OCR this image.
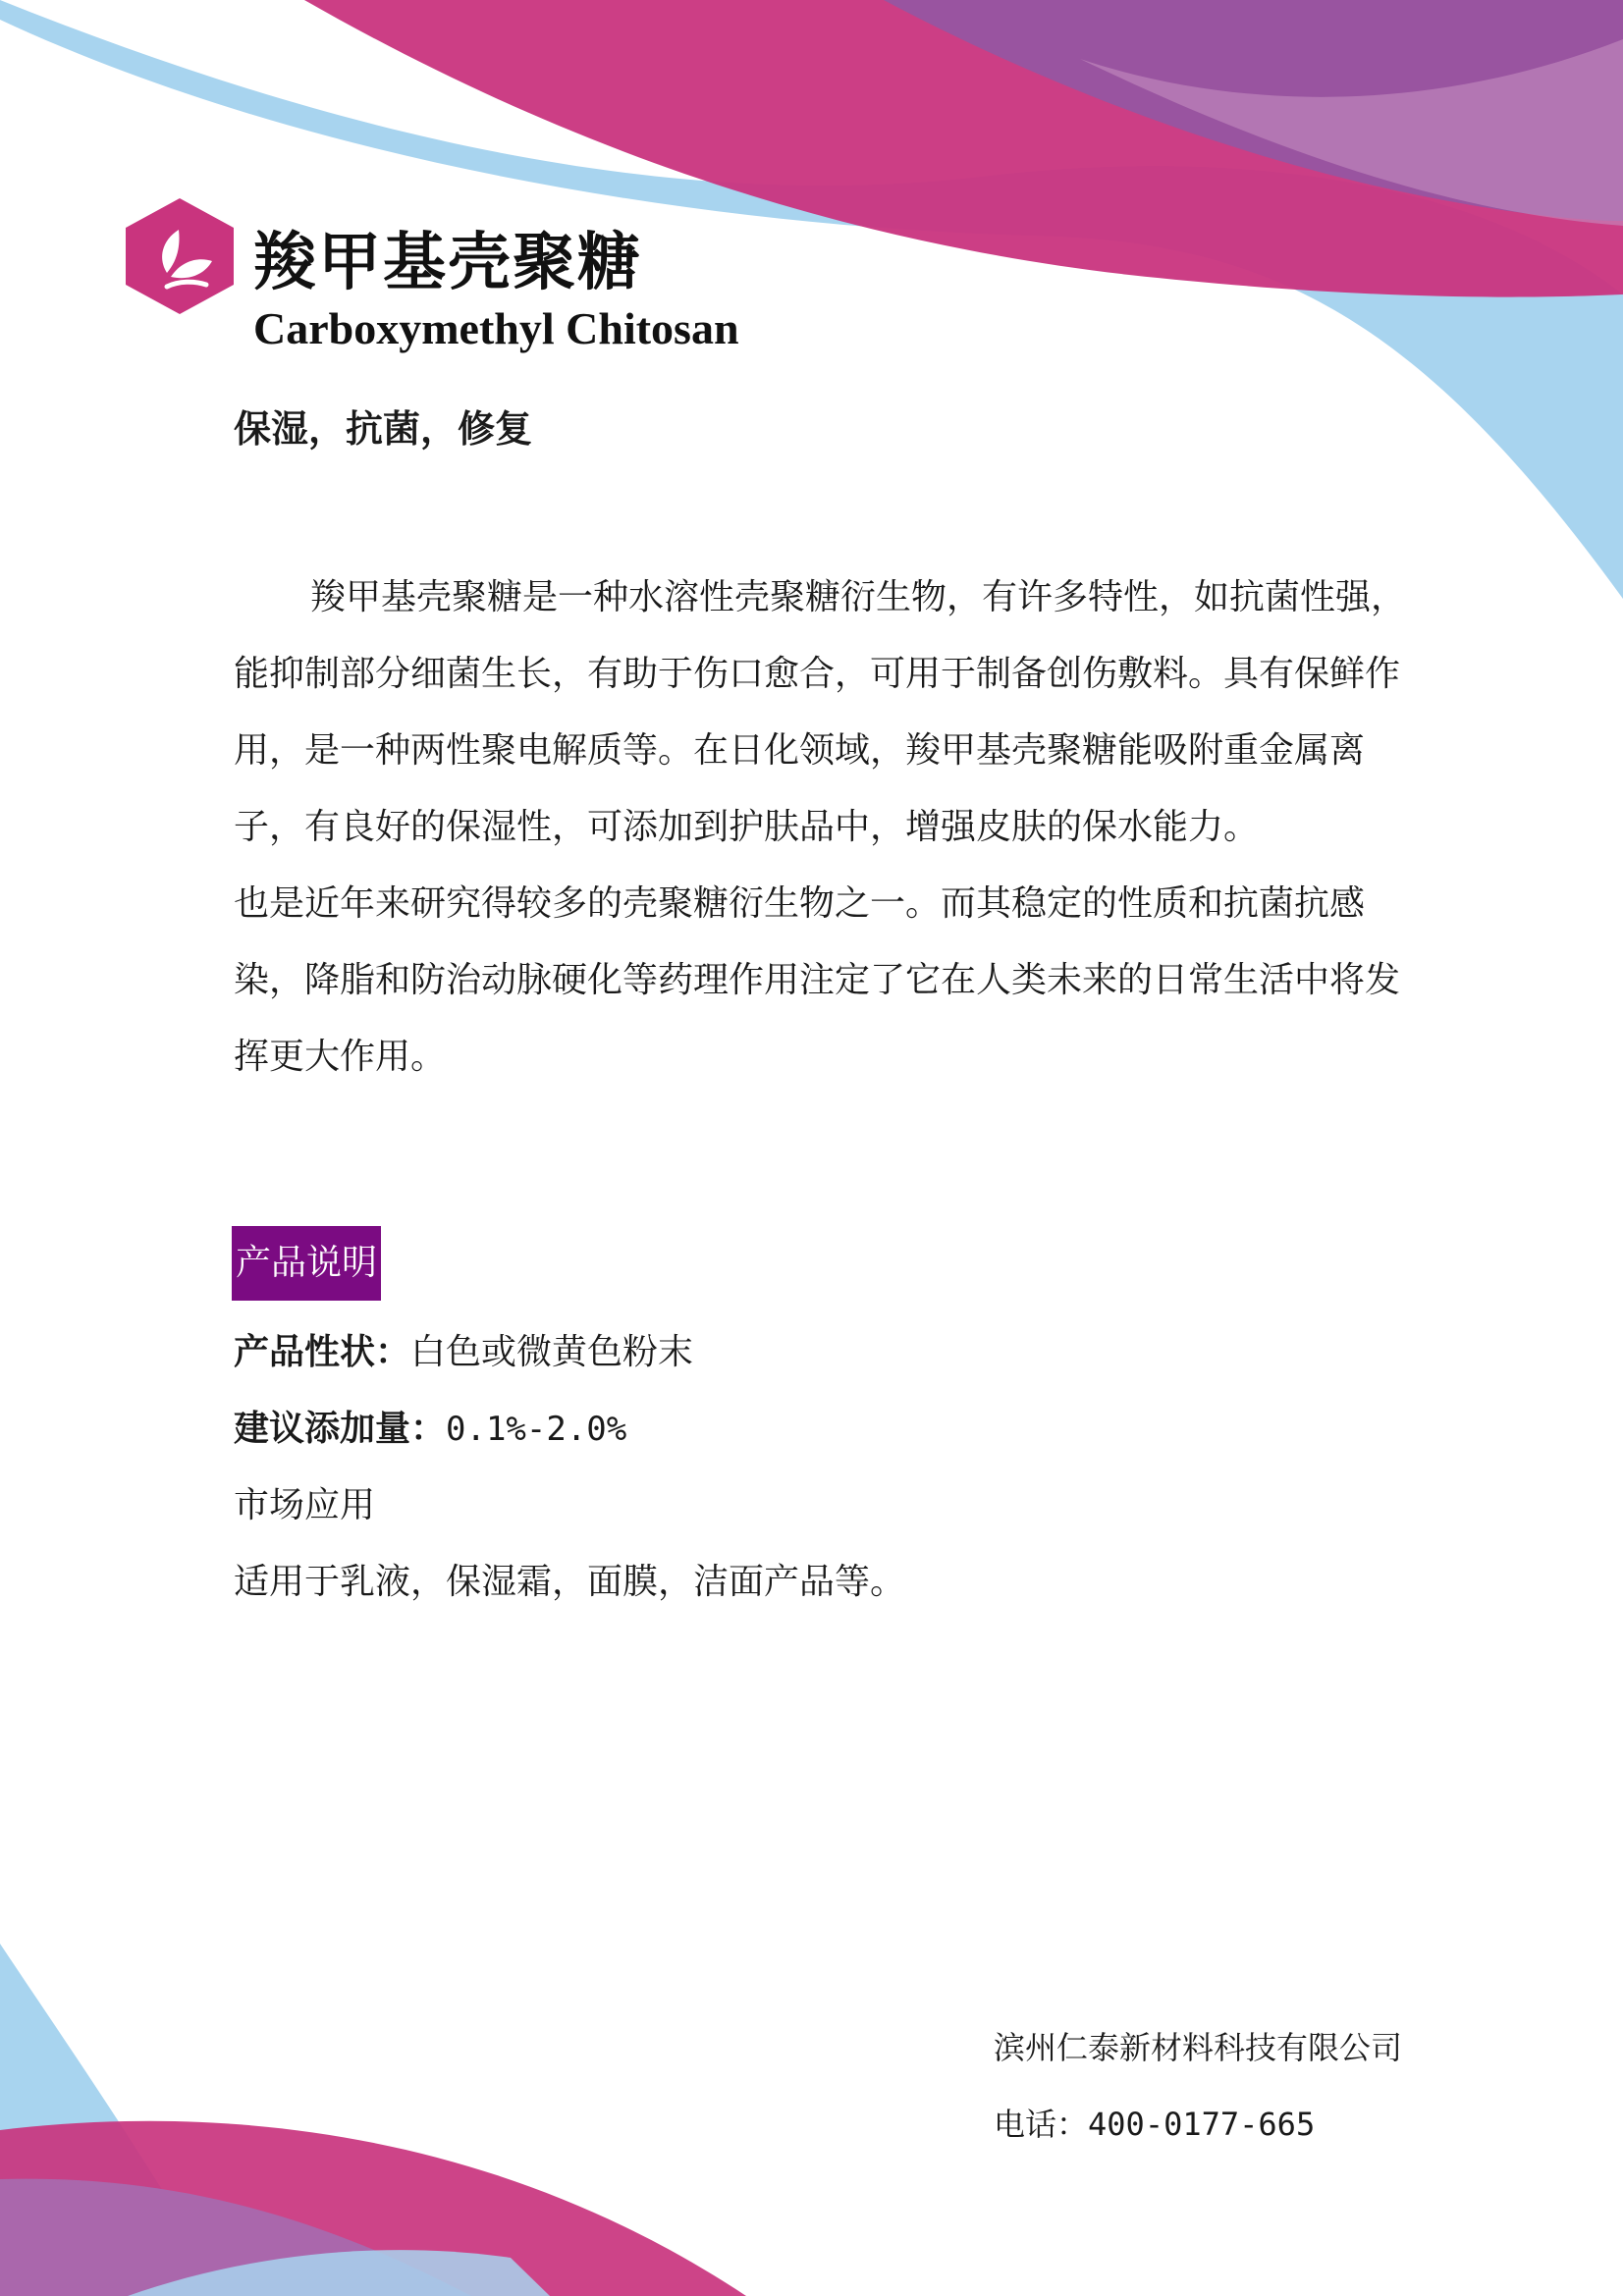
羧甲基壳聚糖
Carboxymethyl Chitosan
保湿，抗菌，修复

羧甲基壳聚糖是一种水溶性壳聚糖衍生物，有许多特性，如抗菌性强，能抑制部分细菌生长，有助于伤口愈合，可用于制备创伤敷料。具有保鲜作用，是一种两性聚电解质等。在日化领域，羧甲基壳聚糖能吸附重金属离子，有良好的保湿性，可添加到护肤品中，增强皮肤的保水能力。

也是近年来研究得较多的壳聚糖衍生物之一。而其稳定的性质和抗菌抗感染，降脂和防治动脉硬化等药理作用注定了它在人类未来的日常生活中将发挥更大作用。

产品说明
产品性状：白色或微黄色粉末
建议添加量：0.1%-2.0%
市场应用
适用于乳液，保湿霜，面膜，洁面产品等。
滨州仁泰新材料科技有限公司
电话：400-0177-665
